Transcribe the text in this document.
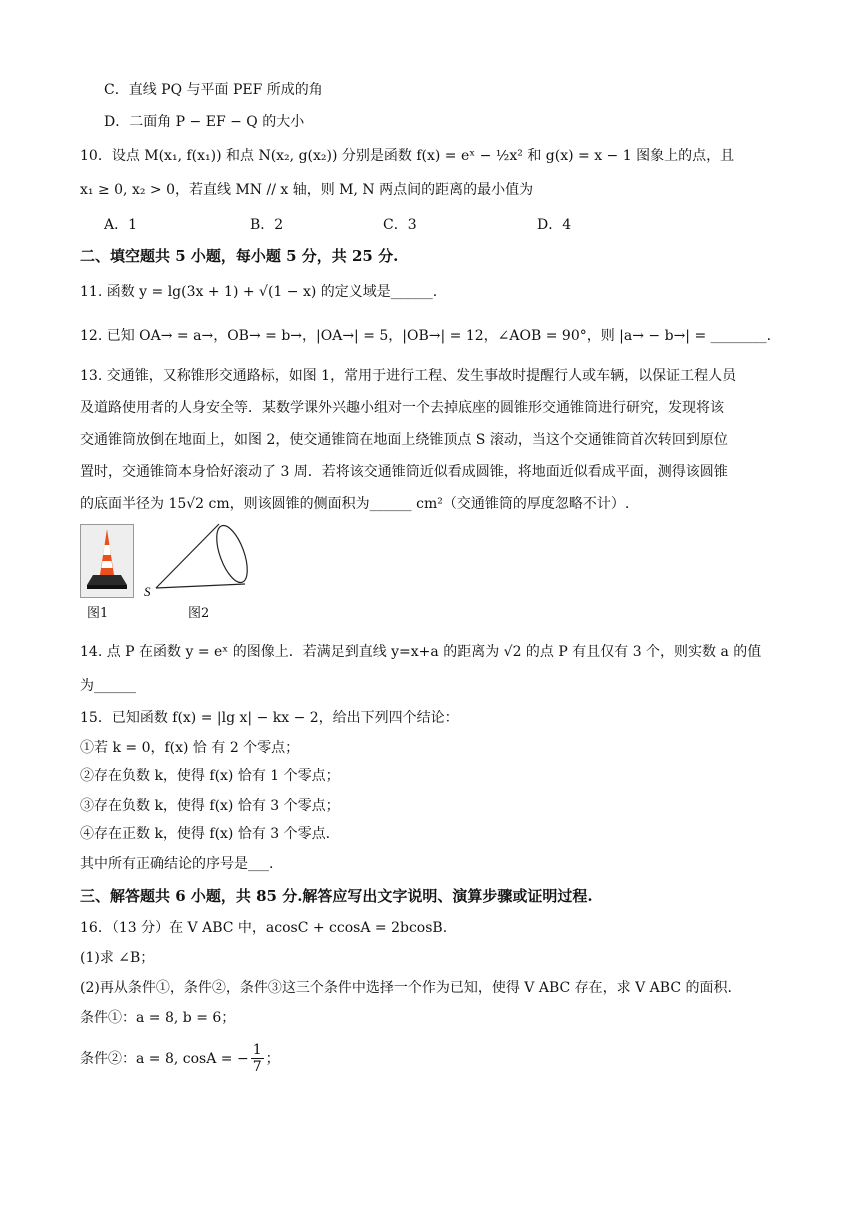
C．直线 PQ 与平面 PEF 所成的角
D．二面角 P − EF − Q 的大小
10．设点 M(x₁, f(x₁)) 和点 N(x₂, g(x₂)) 分别是函数 f(x) = eˣ − ½x² 和 g(x) = x − 1 图象上的点，且
x₁ ≥ 0, x₂ > 0，若直线 MN // x 轴，则 M, N 两点间的距离的最小值为
A．1	B．2	C．3	D．4
二、填空题共 5 小题，每小题 5 分，共 25 分.
11. 函数 y = lg(3x + 1) + √(1 − x) 的定义域是______.
12. 已知 OA→ = a→，OB→ = b→，|OA→| = 5，|OB→| = 12，∠AOB = 90°，则 |a→ − b→| = ________.
13. 交通锥，又称锥形交通路标，如图 1，常用于进行工程、发生事故时提醒行人或车辆，以保证工程人员
及道路使用者的人身安全等．某数学课外兴趣小组对一个去掉底座的圆锥形交通锥筒进行研究，发现将该
交通锥筒放倒在地面上，如图 2，使交通锥筒在地面上绕锥顶点 S 滚动，当这个交通锥筒首次转回到原位
置时，交通锥筒本身恰好滚动了 3 周．若将该交通锥筒近似看成圆锥，将地面近似看成平面，测得该圆锥
的底面半径为 15√2 cm，则该圆锥的侧面积为______ cm²（交通锥筒的厚度忽略不计）.
图1
S
图2
14. 点 P 在函数 y = eˣ 的图像上．若满足到直线 y=x+a 的距离为 √2 的点 P 有且仅有 3 个，则实数 a 的值
为______
15．已知函数 f(x) = |lg x| − kx − 2，给出下列四个结论：
①若 k = 0，f(x) 恰 有 2 个零点；
②存在负数 k，使得 f(x) 恰有 1 个零点；
③存在负数 k，使得 f(x) 恰有 3 个零点；
④存在正数 k，使得 f(x) 恰有 3 个零点.
其中所有正确结论的序号是___.
三、解答题共 6 小题，共 85 分.解答应写出文字说明、演算步骤或证明过程.
16．（13 分）在 V ABC 中，acosC + ccosA = 2bcosB.
(1)求 ∠B；
(2)再从条件①，条件②，条件③这三个条件中选择一个作为已知，使得 V ABC 存在，求 V ABC 的面积.
条件①：a = 8, b = 6；
条件②：a = 8, cosA = − $\frac{1}{7}$ ；
